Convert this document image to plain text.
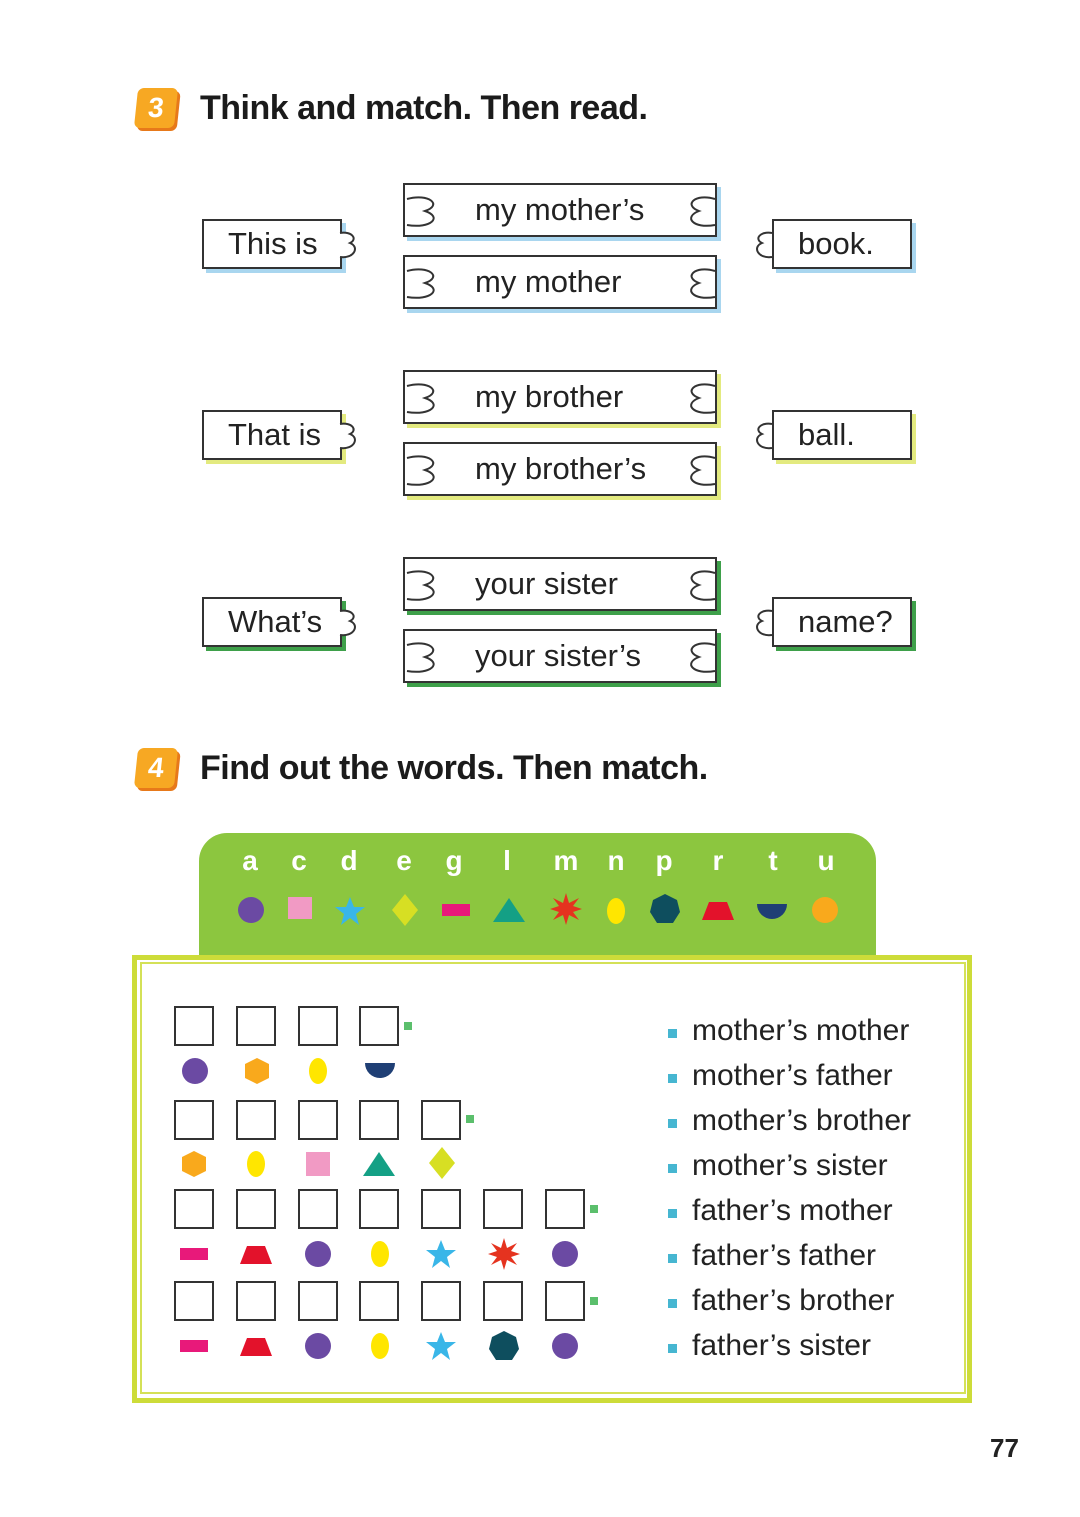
3	Think and match. Then read.
This is
my mother’s
my mother
book.
That is
my brother
my brother’s
ball.
What’s
your sister
your sister’s
name?
4	Find out the words. Then match.
a	c	d	e	g	l	m	n	p	r	t	u
mother’s mother
mother’s father
mother’s brother
mother’s sister
father’s mother
father’s father
father’s brother
father’s sister
77
